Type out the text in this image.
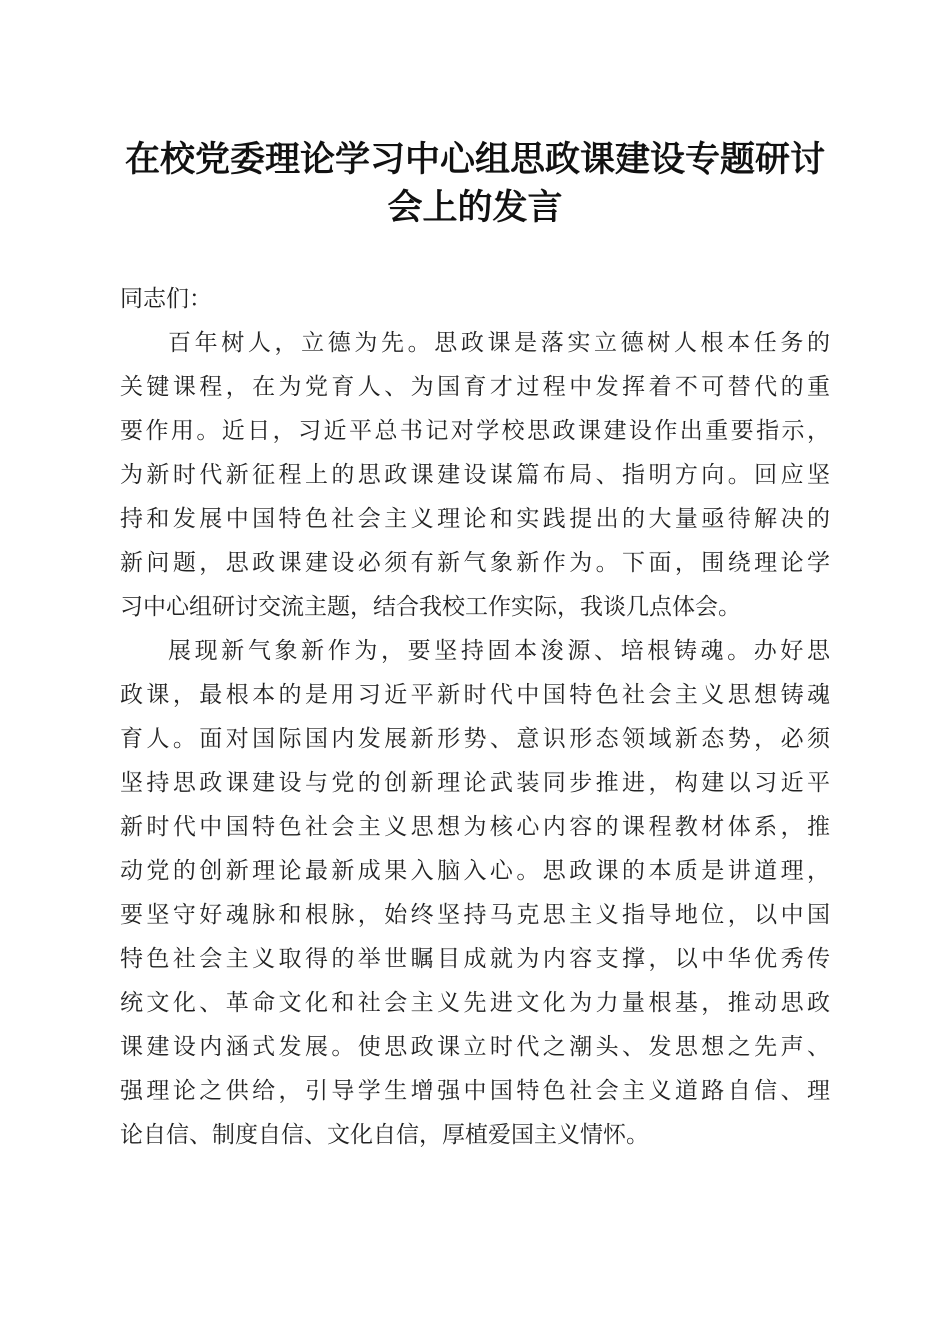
在校党委理论学习中心组思政课建设专题研讨
会上的发言

同志们：

百年树人，立德为先。思政课是落实立德树人根本任务的
关键课程，在为党育人、为国育才过程中发挥着不可替代的重
要作用。近日，习近平总书记对学校思政课建设作出重要指示，
为新时代新征程上的思政课建设谋篇布局、指明方向。回应坚
持和发展中国特色社会主义理论和实践提出的大量亟待解决的
新问题，思政课建设必须有新气象新作为。下面，围绕理论学
习中心组研讨交流主题，结合我校工作实际，我谈几点体会。

展现新气象新作为，要坚持固本浚源、培根铸魂。办好思
政课，最根本的是用习近平新时代中国特色社会主义思想铸魂
育人。面对国际国内发展新形势、意识形态领域新态势，必须
坚持思政课建设与党的创新理论武装同步推进，构建以习近平
新时代中国特色社会主义思想为核心内容的课程教材体系，推
动党的创新理论最新成果入脑入心。思政课的本质是讲道理，
要坚守好魂脉和根脉，始终坚持马克思主义指导地位，以中国
特色社会主义取得的举世瞩目成就为内容支撑，以中华优秀传
统文化、革命文化和社会主义先进文化为力量根基，推动思政
课建设内涵式发展。使思政课立时代之潮头、发思想之先声、
强理论之供给，引导学生增强中国特色社会主义道路自信、理
论自信、制度自信、文化自信，厚植爱国主义情怀。
